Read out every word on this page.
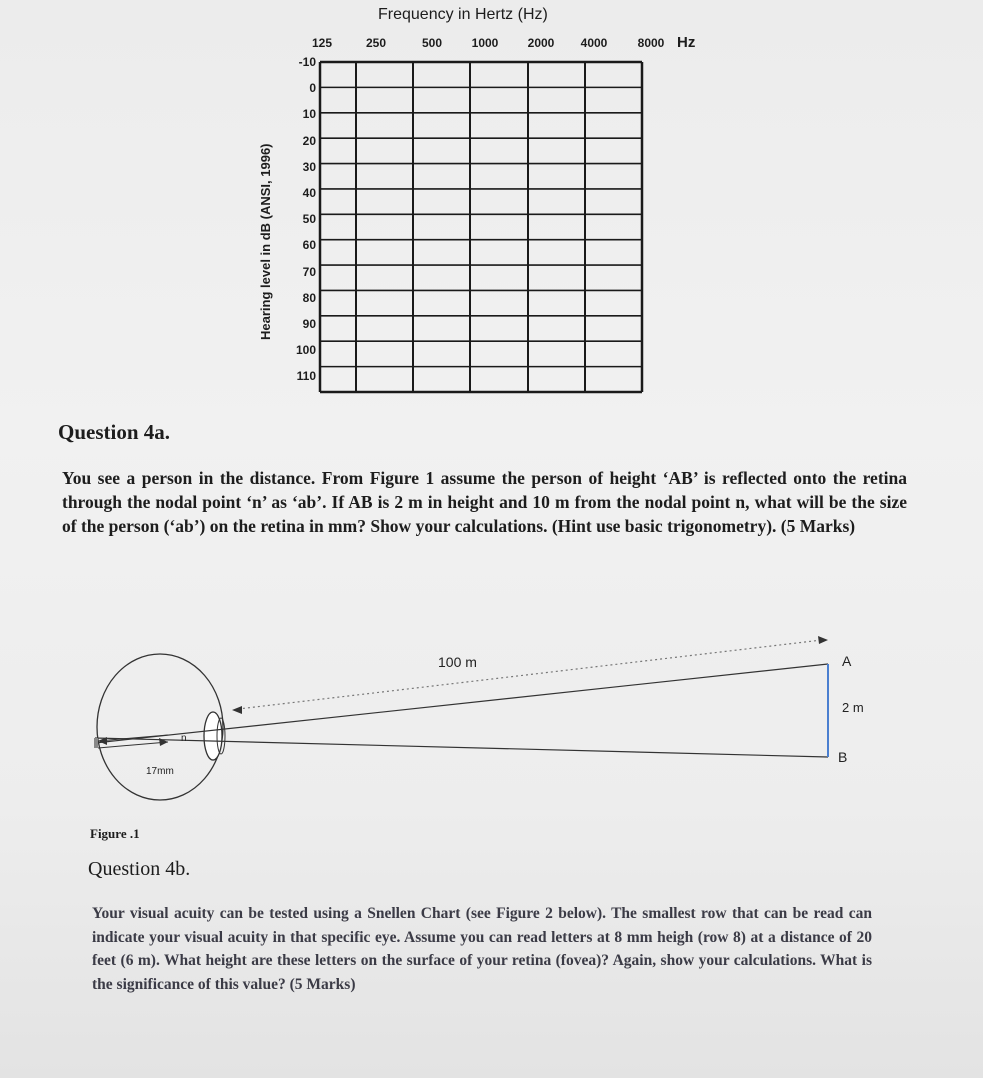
Frequency in Hertz (Hz)
125	250	500 1000 2000 4000	8000 Hz
-10
0
10
20
30
40
50
60
70
80
90
100
110
Hearing level in dB (ANSI, 1996)
Question 4a.
You see a person in the distance. From Figure 1 assume the person of height ‘AB’ is reflected onto the retina through the nodal point ‘n’ as ‘ab’. If AB is 2 m in height and 10 m from the nodal point n, what will be the size of the person (‘ab’) on the retina in mm? Show your calculations. (Hint use basic trigonometry). (5 Marks)
100 m	A
B
2 m
n
17mm
Figure .1
Question 4b.
Your visual acuity can be tested using a Snellen Chart (see Figure 2 below). The smallest row that can be read can indicate your visual acuity in that specific eye. Assume you can read letters at 8 mm heigh (row 8) at a distance of 20 feet (6 m). What height are these letters on the surface of your retina (fovea)? Again, show your calculations. What is the significance of this value? (5 Marks)
